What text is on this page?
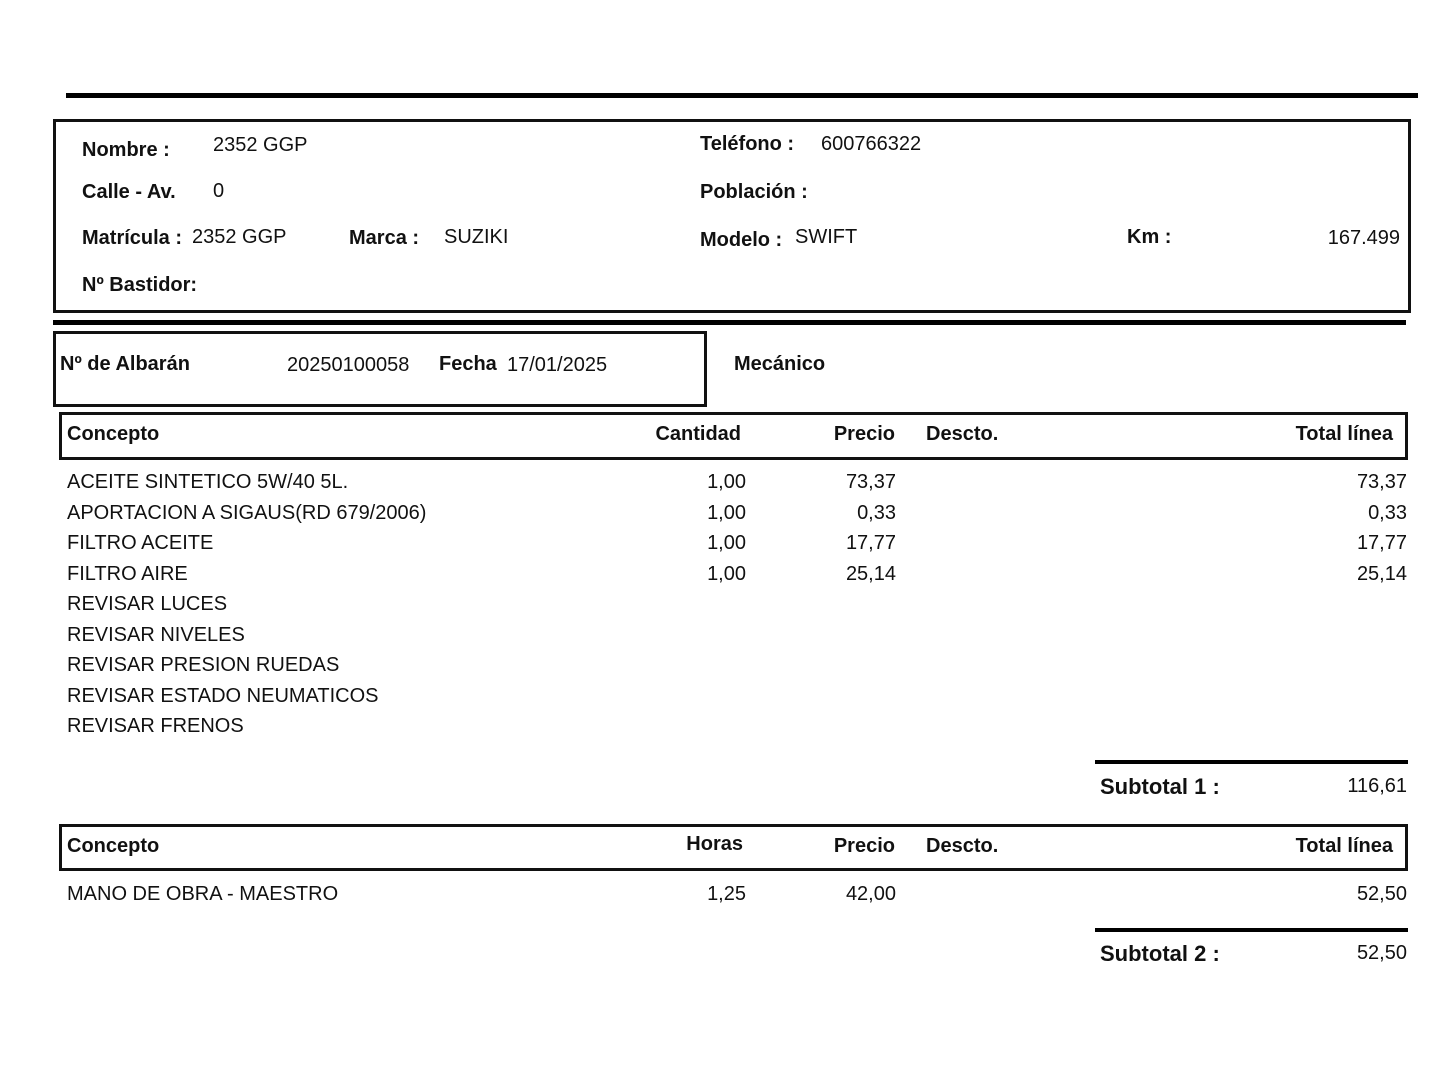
Nombre : 2352 GGP	Teléfono : 600766322
Calle - Av. 0	Población :
Matrícula : 2352 GGP	Marca : SUZIKI	Modelo : SWIFT	Km :	167.499
Nº Bastidor:
Nº de Albarán	20250100058 Fecha 17/01/2025	Mecánico
Concepto	Cantidad	Precio Descto.	Total línea
ACEITE SINTETICO 5W/40 5L.	1,00	73,37	73,37
APORTACION A SIGAUS(RD 679/2006)	1,00	0,33	0,33
FILTRO ACEITE	1,00	17,77	17,77
FILTRO AIRE	1,00	25,14	25,14
REVISAR LUCES
REVISAR NIVELES
REVISAR PRESION RUEDAS
REVISAR ESTADO NEUMATICOS
REVISAR FRENOS
Subtotal 1 :	116,61
Concepto	Horas	Precio Descto.	Total línea
MANO DE OBRA - MAESTRO	1,25	42,00	52,50
Subtotal 2 :	52,50
